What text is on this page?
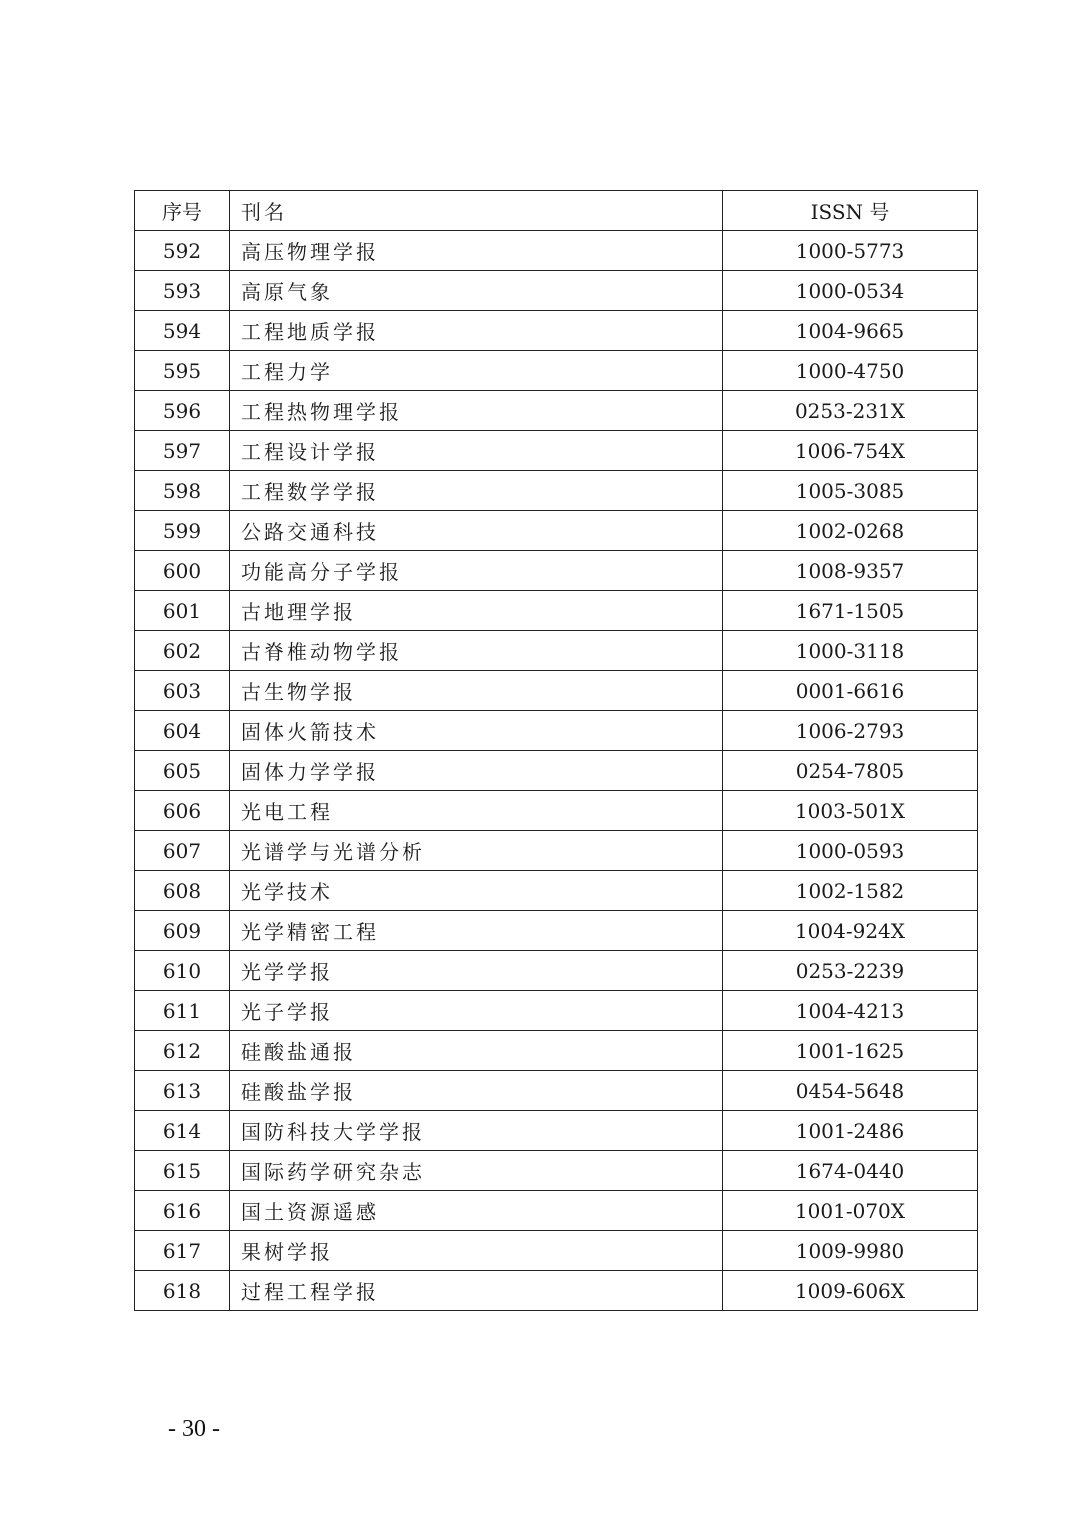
序号	刊名	ISSN 号
592	高压物理学报	1000-5773
593	高原气象	1000-0534
594	工程地质学报	1004-9665
595	工程力学	1000-4750
596	工程热物理学报	0253-231X
597	工程设计学报	1006-754X
598	工程数学学报	1005-3085
599	公路交通科技	1002-0268
600	功能高分子学报	1008-9357
601	古地理学报	1671-1505
602	古脊椎动物学报	1000-3118
603	古生物学报	0001-6616
604	固体火箭技术	1006-2793
605	固体力学学报	0254-7805
606	光电工程	1003-501X
607	光谱学与光谱分析	1000-0593
608	光学技术	1002-1582
609	光学精密工程	1004-924X
610	光学学报	0253-2239
611	光子学报	1004-4213
612	硅酸盐通报	1001-1625
613	硅酸盐学报	0454-5648
614	国防科技大学学报	1001-2486
615	国际药学研究杂志	1674-0440
616	国土资源遥感	1001-070X
617	果树学报	1009-9980
618	过程工程学报	1009-606X
- 30 -
